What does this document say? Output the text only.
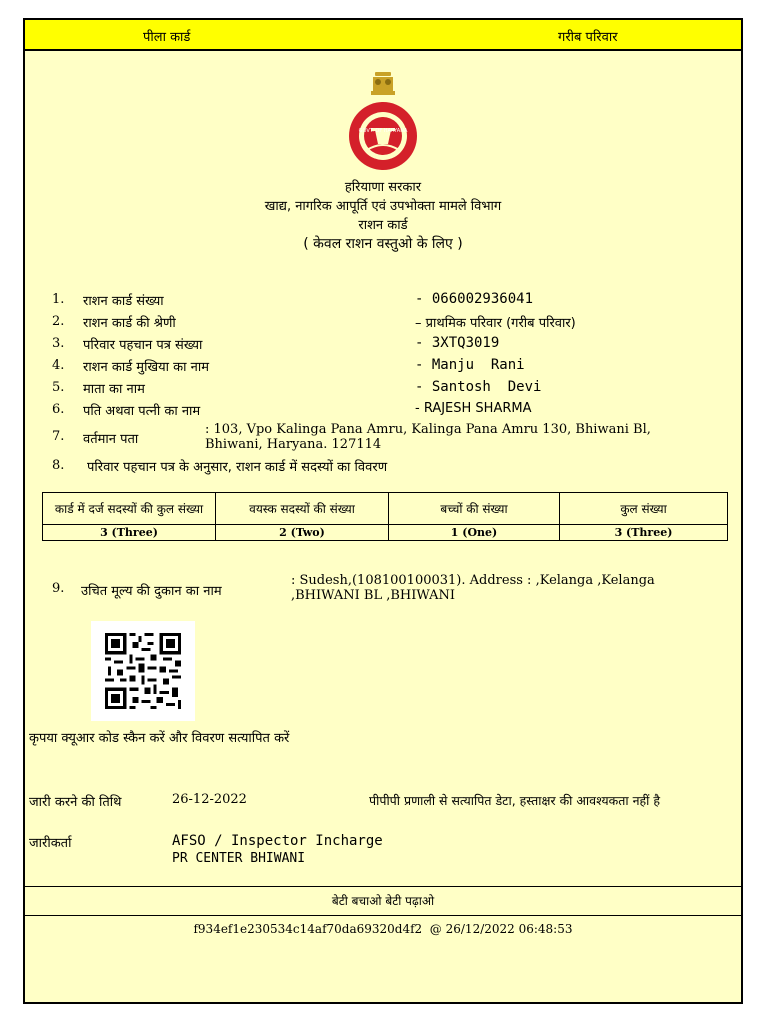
पीला कार्ड	गरीब परिवार
GOVT. OF HARYANA
हरियाणा सरकार
खाद्य, नागरिक आपूर्ति एवं उपभोक्ता मामले विभाग
राशन कार्ड
( केवल राशन वस्तुओ के लिए )
1. राशन कार्ड संख्या	- 066002936041
2. राशन कार्ड की श्रेणी	– प्राथमिक परिवार (गरीब परिवार)
3. परिवार पहचान पत्र संख्या	- 3XTQ3019
4. राशन कार्ड मुखिया का नाम	- Manju  Rani
5. माता का नाम	- Santosh  Devi
6. पति अथवा पत्नी का नाम	- RAJESH SHARMA
7. वर्तमान पता
: 103, Vpo Kalinga Pana Amru, Kalinga Pana Amru 130, Bhiwani Bl,
Bhiwani, Haryana. 127114
8. परिवार पहचान पत्र के अनुसार, राशन कार्ड में सदस्यों का विवरण
कार्ड में दर्ज सदस्यों की कुल संख्या	वयस्क सदस्यों की संख्या	बच्चों की संख्या	कुल संख्या
3 (Three)	2 (Two)	1 (One)	3 (Three)
9. उचित मूल्य की दुकान का नाम
: Sudesh,(108100100031). Address : ,Kelanga ,Kelanga
,BHIWANI BL ,BHIWANI
कृपया क्यूआर कोड स्कैन करें और विवरण सत्यापित करें
जारी करने की तिथि	26-12-2022	पीपीपी प्रणाली से सत्यापित डेटा, हस्ताक्षर की आवश्यकता नहीं है
जारीकर्ता	AFSO / Inspector Incharge
PR CENTER BHIWANI
बेटी बचाओ बेटी पढ़ाओ
f934ef1e230534c14af70da69320d4f2  @ 26/12/2022 06:48:53
